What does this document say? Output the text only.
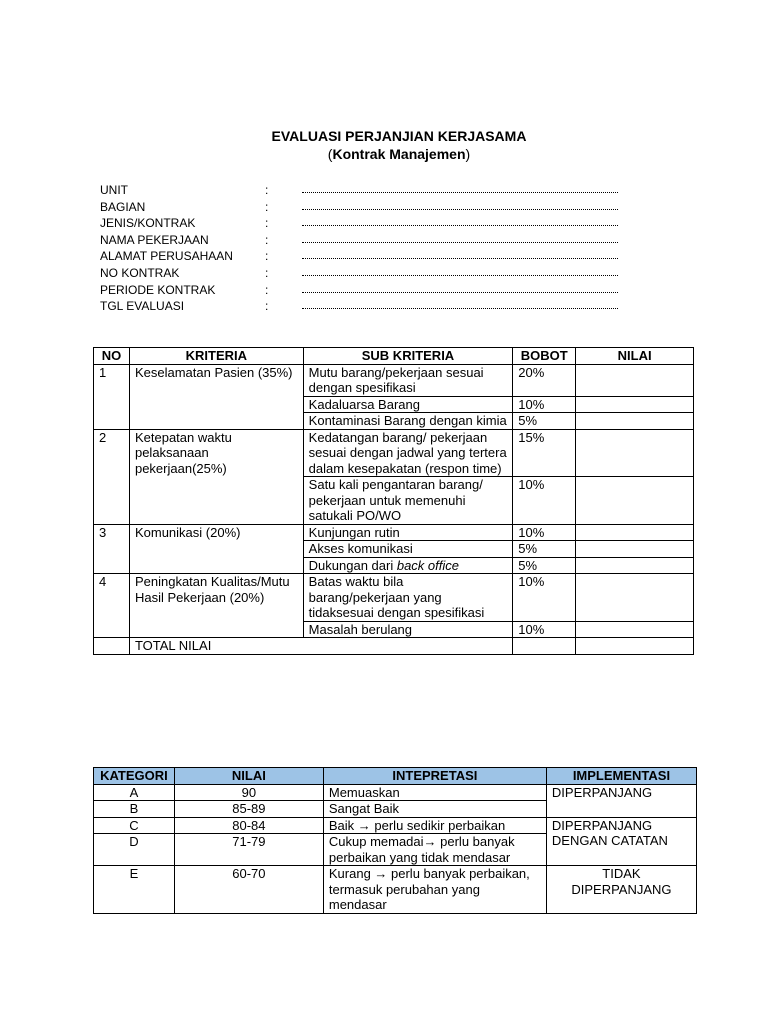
EVALUASI PERJANJIAN KERJASAMA
(Kontrak Manajemen)
UNIT	:
BAGIAN	:
JENIS/KONTRAK	:
NAMA PEKERJAAN	:
ALAMAT PERUSAHAAN	:
NO KONTRAK	:
PERIODE KONTRAK	:
TGL EVALUASI	:
NO	KRITERIA	SUB KRITERIA	BOBOT	NILAI
1	Keselamatan Pasien (35%)	Mutu barang/pekerjaan sesuai dengan spesifikasi	20%	
		Kadaluarsa Barang	10%	
		Kontaminasi Barang dengan kimia	5%	
2	Ketepatan waktu pelaksanaan pekerjaan(25%)	Kedatangan barang/ pekerjaan sesuai dengan jadwal yang tertera dalam kesepakatan (respon time)	15%	
		Satu kali pengantaran barang/ pekerjaan untuk memenuhi satukali PO/WO	10%	
3	Komunikasi (20%)	Kunjungan rutin	10%	
		Akses komunikasi	5%	
		Dukungan dari back office	5%	
4	Peningkatan Kualitas/Mutu Hasil Pekerjaan (20%)	Batas waktu bila barang/pekerjaan yang tidaksesuai dengan spesifikasi	10%	
		Masalah berulang	10%	
	TOTAL NILAI			
KATEGORI	NILAI	INTEPRETASI	IMPLEMENTASI
A	90	Memuaskan	DIPERPANJANG
B	85-89	Sangat Baik	
C	80-84	Baik → perlu sedikir perbaikan	DIPERPANJANG DENGAN CATATAN
D	71-79	Cukup memadai→ perlu banyak perbaikan yang tidak mendasar	
E	60-70	Kurang → perlu banyak perbaikan, termasuk perubahan yang mendasar	TIDAK DIPERPANJANG
